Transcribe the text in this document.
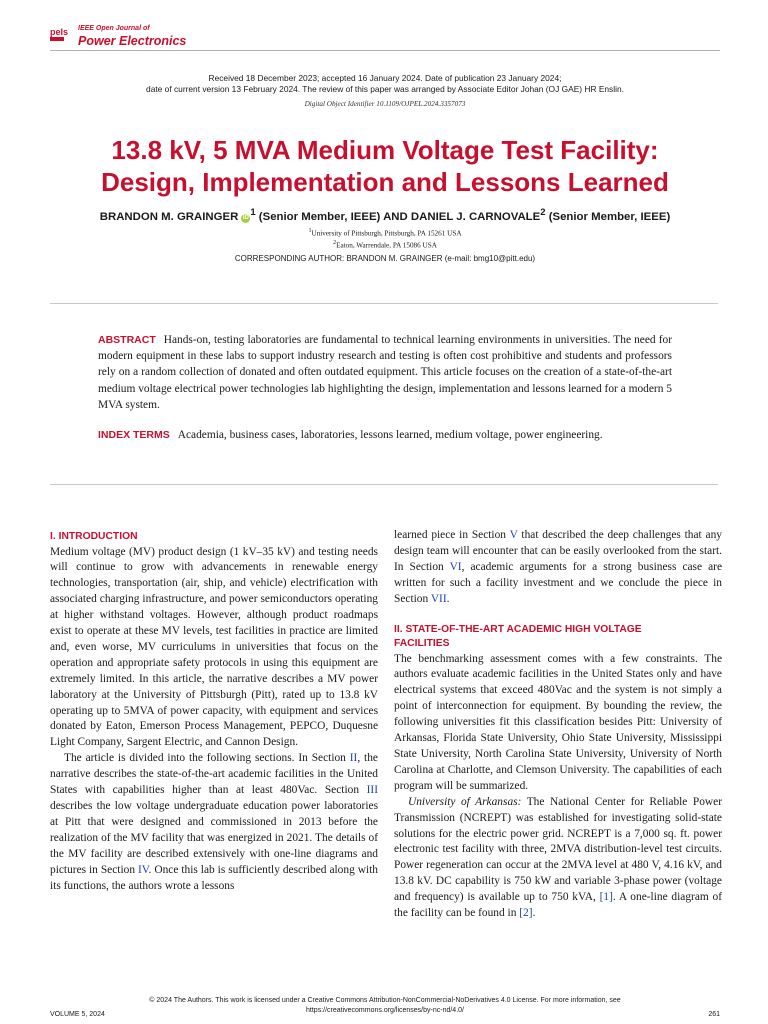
pels IEEE Open Journal of
Power Electronics
Received 18 December 2023; accepted 16 January 2024. Date of publication 23 January 2024;
date of current version 13 February 2024. The review of this paper was arranged by Associate Editor Johan (OJ GAE) HR Enslin.
Digital Object Identifier 10.1109/OJPEL.2024.3357073
13.8 kV, 5 MVA Medium Voltage Test Facility:
Design, Implementation and Lessons Learned
BRANDON M. GRAINGER iD $^1$ (Senior Member, IEEE) AND DANIEL J. CARNOVALE$^2$ (Senior Member, IEEE)
$^1$University of Pittsburgh, Pittsburgh, PA 15261 USA
$^2$Eaton, Warrendale, PA 15086 USA
CORRESPONDING AUTHOR: BRANDON M. GRAINGER (e-mail: bmg10@pitt.edu)

ABSTRACT Hands-on, testing laboratories are fundamental to technical learning environments in universities. The need for modern equipment in these labs to support industry research and testing is often cost prohibitive and students and professors rely on a random collection of donated and often outdated equipment. This article focuses on the creation of a state-of-the-art medium voltage electrical power technologies lab highlighting the design, implementation and lessons learned for a modern 5 MVA system.

INDEX TERMS Academia, business cases, laboratories, lessons learned, medium voltage, power engineering.

I. INTRODUCTION

Medium voltage (MV) product design (1 kV–35 kV) and testing needs will continue to grow with advancements in renewable energy technologies, transportation (air, ship, and vehicle) electrification with associated charging infrastructure, and power semiconductors operating at higher withstand voltages. However, although product roadmaps exist to operate at these MV levels, test facilities in practice are limited and, even worse, MV curriculums in universities that focus on the operation and appropriate safety protocols in using this equipment are extremely limited. In this article, the narrative describes a MV power laboratory at the University of Pittsburgh (Pitt), rated up to 13.8 kV operating up to 5MVA of power capacity, with equipment and services donated by Eaton, Emerson Process Management, PEPCO, Duquesne Light Company, Sargent Electric, and Cannon Design.

The article is divided into the following sections. In Section II, the narrative describes the state-of-the-art academic facilities in the United States with capabilities higher than at least 480Vac. Section III describes the low voltage undergraduate education power laboratories at Pitt that were designed and commissioned in 2013 before the realization of the MV facility that was energized in 2021. The details of the MV facility are described extensively with one-line diagrams and pictures in Section IV. Once this lab is sufficiently described along with its functions, the authors wrote a lessons

learned piece in Section V that described the deep challenges that any design team will encounter that can be easily overlooked from the start. In Section VI, academic arguments for a strong business case are written for such a facility investment and we conclude the piece in Section VII.

II. STATE-OF-THE-ART ACADEMIC HIGH VOLTAGE
FACILITIES

The benchmarking assessment comes with a few constraints. The authors evaluate academic facilities in the United States only and have electrical systems that exceed 480Vac and the system is not simply a point of interconnection for equipment. By bounding the review, the following universities fit this classification besides Pitt: University of Arkansas, Florida State University, Ohio State University, Mississippi State University, North Carolina State University, University of North Carolina at Charlotte, and Clemson University. The capabilities of each program will be summarized.

University of Arkansas: The National Center for Reliable Power Transmission (NCREPT) was established for investigating solid-state solutions for the electric power grid. NCREPT is a 7,000 sq. ft. power electronic test facility with three, 2MVA distribution-level test circuits. Power regeneration can occur at the 2MVA level at 480 V, 4.16 kV, and 13.8 kV. DC capability is 750 kW and variable 3-phase power (voltage and frequency) is available up to 750 kVA, [1]. A one-line diagram of the facility can be found in [2].

© 2024 The Authors. This work is licensed under a Creative Commons Attribution-NonCommercial-NoDerivatives 4.0 License. For more information, see
https://creativecommons.org/licenses/by-nc-nd/4.0/
VOLUME 5, 2024	261
